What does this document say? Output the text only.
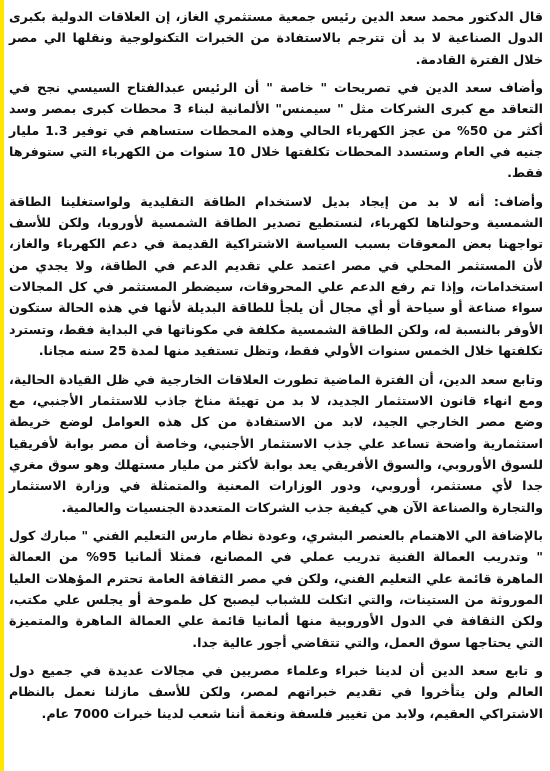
قال الدكتور محمد سعد الدين رئيس جمعية مستثمري الغاز، إن العلاقات الدولية بكبرى الدول الصناعية لا بد أن تترجم بالاستفادة من الخبرات التكنولوجية ونقلها الي مصر خلال الفترة القادمة.

وأضاف سعد الدين في تصريحات " خاصة " أن الرئيس عبدالفتاح السيسي نجح في التعاقد مع كبرى الشركات مثل " سيمنس" الألمانية لبناء 3 محطات كبرى بمصر وسد أكثر من 50% من عجز الكهرباء الحالي وهذه المحطات ستساهم في توفير 1.3 مليار جنيه في العام وستسدد المحطات تكلفتها خلال 10 سنوات من الكهرباء التي ستوفرها فقط.

وأضاف: أنه لا بد من إيجاد بديل لاستخدام الطاقة التقليدية ولواستغلينا الطاقة الشمسية وحولناها لكهرباء، لنستطيع تصدير الطاقة الشمسية لأوروبا، ولكن للأسف تواجهنا بعض المعوقات بسبب السياسة الاشتراكية القديمة في دعم الكهرباء والغاز، لأن المستثمر المحلي في مصر اعتمد علي تقديم الدعم في الطاقة، ولا يجدي من استخدامات، وإذا تم رفع الدعم علي المحروقات، سيضطر المستثمر في كل المجالات سواء صناعة أو سياحة أو أي مجال أن يلجأ للطاقة البديلة لأنها في هذه الحالة ستكون الأوفر بالنسبة له، ولكن الطاقة الشمسية مكلفة في مكوناتها في البداية فقط، وتسترد تكلفتها خلال الخمس سنوات الأولي فقط، وتظل تستفيد منها لمدة 25 سنه مجانا.

وتابع سعد الدين، أن الفترة الماضية تطورت العلاقات الخارجية في ظل القيادة الحالية، ومع انهاء قانون الاستثمار الجديد، لا بد من تهيئة مناخ جاذب للاستثمار الأجنبي، مع وضع مصر الخارجي الجيد، لابد من الاستفادة من كل هذه العوامل لوضع خريطة استثمارية واضحة تساعد علي جذب الاستثمار الأجنبي، وخاصة أن مصر بوابة لأفريقيا للسوق الأوروبي، والسوق الأفريقي يعد بوابة لأكثر من مليار مستهلك وهو سوق مغري جدا لأي مستثمر، أوروبي، ودور الوزارات المعنية والمتمثلة في وزارة الاستثمار والتجارة والصناعة الآن هي كيفية جذب الشركات المتعددة الجنسيات والعالمية.

بالإضافة الي الاهتمام بالعنصر البشري، وعودة نظام مارس التعليم الفني " مبارك كول " وتدريب العمالة الفنية تدريب عملي في المصانع، فمثلا ألمانيا 95% من العمالة الماهرة قائمة علي التعليم الفني، ولكن في مصر الثقافة العامة تحترم المؤهلات العليا الموروثة من الستينات، والتي اتكلت للشباب ليصبح كل طموحة أو يجلس علي مكتب، ولكن الثقافة في الدول الأوروبية منها ألمانيا قائمة علي العمالة الماهرة والمتميزة التي يحتاجها سوق العمل، والتي تتقاضي أجور عالية جدا.

و تابع سعد الدين أن لدينا خبراء وعلماء مصريين في مجالات عديدة في جميع دول العالم ولن يتأخروا في تقديم خبراتهم لمصر، ولكن للأسف مازلنا نعمل بالنظام الاشتراكي العقيم، ولابد من تغيير فلسفة ونغمة أننا شعب لدينا خبرات 7000 عام.
